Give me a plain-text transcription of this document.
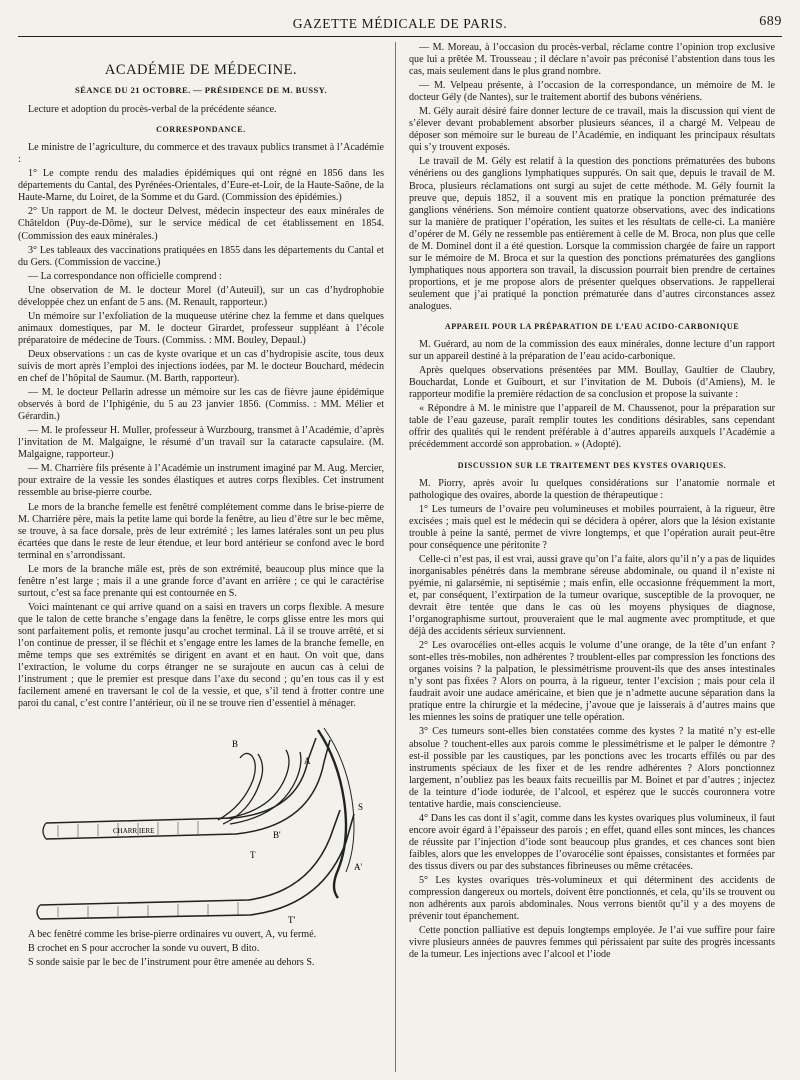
GAZETTE MÉDICALE DE PARIS.	689
ACADÉMIE DE MÉDECINE.
SÉANCE DU 21 OCTOBRE. — PRÉSIDENCE DE M. BUSSY.

Lecture et adoption du procès-verbal de la précédente séance.

CORRESPONDANCE.

Le ministre de l’agriculture, du commerce et des travaux publics transmet à l’Académie :

1° Le compte rendu des maladies épidémiques qui ont régné en 1856 dans les départements du Cantal, des Pyrénées-Orientales, d’Eure-et-Loir, de la Haute-Saône, de la Haute-Marne, du Loiret, de la Somme et du Gard. (Commission des épidémies.)

2° Un rapport de M. le docteur Delvest, médecin inspecteur des eaux minérales de Châteldon (Puy-de-Dôme), sur le service médical de cet établissement en 1854. (Commission des eaux minérales.)

3° Les tableaux des vaccinations pratiquées en 1855 dans les départements du Cantal et du Gers. (Commission de vaccine.)

— La correspondance non officielle comprend :

Une observation de M. le docteur Morel (d’Auteuil), sur un cas d’hydrophobie développée chez un enfant de 5 ans. (M. Renault, rapporteur.)

Un mémoire sur l’exfoliation de la muqueuse utérine chez la femme et dans quelques animaux domestiques, par M. le docteur Girardet, professeur suppléant à l’école préparatoire de médecine de Tours. (Commiss. : MM. Bouley, Depaul.)

Deux observations : un cas de kyste ovarique et un cas d’hydropisie ascite, tous deux suivis de mort après l’emploi des injections iodées, par M. le docteur Bouchard, médecin en chef de l’hôpital de Saumur. (M. Barth, rapporteur).

— M. le docteur Pellarin adresse un mémoire sur les cas de fièvre jaune épidémique observés à bord de l’Iphigénie, du 5 au 23 janvier 1856. (Commiss. : MM. Mélier et Gérardin.)

— M. le professeur H. Muller, professeur à Wurzbourg, transmet à l’Académie, d’après l’invitation de M. Malgaigne, le résumé d’un travail sur la cataracte capsulaire. (M. Malgaigne, rapporteur.)

— M. Charrière fils présente à l’Académie un instrument imaginé par M. Aug. Mercier, pour extraire de la vessie les sondes élastiques et autres corps flexibles. Cet instrument ressemble au brise-pierre courbe.

Le mors de la branche femelle est fenêtré complétement comme dans le brise-pierre de M. Charrière père, mais la petite lame qui borde la fenêtre, au lieu d’être sur le bec même, se trouve, à sa face dorsale, près de leur extrémité ; les lames latérales sont un peu plus écartées que dans le reste de leur étendue, et leur bord antérieur se confond avec le bord terminal en s’arrondissant.

Le mors de la branche mâle est, près de son extrémité, beaucoup plus mince que la fenêtre n’est large ; mais il a une grande force d’avant en arrière ; ce qui le caractérise surtout, c’est sa face prenante qui est contournée en S.

Voici maintenant ce qui arrive quand on a saisi en travers un corps flexible. A mesure que le talon de cette branche s’engage dans la fenêtre, le corps glisse entre les mors qui sont parfaitement polis, et remonte jusqu’au crochet terminal. Là il se trouve arrêté, et si l’on continue de presser, il se fléchit et s’engage entre les lames de la branche femelle, en même temps que ses extrémités se dirigent en avant et en haut. On voit que, dans l’extraction, le volume du corps étranger ne se surajoute en aucun cas à celui de l’instrument ; que le premier est presque dans l’axe du second ; qu’en tous cas il y est facilement amené en traversant le col de la vessie, et que, s’il tend à frotter contre une paroi du canal, c’est contre l’antérieur, où il ne se trouve rien d’essentiel à ménager.

CHARR IERE
B
A
B'
T
S
A'
T'

A bec fenêtré comme les brise-pierre ordinaires vu ouvert, A, vu fermé.

B crochet en S pour accrocher la sonde vu ouvert, B dito.

S sonde saisie par le bec de l’instrument pour être amenée au dehors S.

— M. Moreau, à l’occasion du procès-verbal, réclame contre l’opinion trop exclusive que lui a prêtée M. Trousseau ; il déclare n’avoir pas préconisé l’abstention dans tous les cas, mais seulement dans le plus grand nombre.

— M. Velpeau présente, à l’occasion de la correspondance, un mémoire de M. le docteur Gély (de Nantes), sur le traitement abortif des bubons vénériens.

M. Gély aurait désiré faire donner lecture de ce travail, mais la discussion qui vient de s’élever devant probablement absorber plusieurs séances, il a chargé M. Velpeau de déposer son mémoire sur le bureau de l’Académie, en indiquant les principaux résultats qui s’y trouvent exposés.

Le travail de M. Gély est relatif à la question des ponctions prématurées des bubons vénériens ou des ganglions lymphatiques suppurés. On sait que, depuis le travail de M. Broca, plusieurs réclamations ont surgi au sujet de cette méthode. M. Gély fournit la preuve que, depuis 1852, il a souvent mis en pratique la ponction prématurée des ganglions vénériens. Son mémoire contient quatorze observations, avec des indications sur la manière de pratiquer l’opération, les suites et les résultats de celle-ci. La manière d’opérer de M. Gély ne ressemble pas entièrement à celle de M. Broca, non plus que celle de M. Dominel dont il a été question. Lorsque la commission chargée de faire un rapport sur le mémoire de M. Broca et sur la question des ponctions prématurées des ganglions lymphatiques nous apportera son travail, la discussion pourrait bien prendre de certaines proportions, et je me propose alors de présenter quelques observations. Je rappellerai seulement que j’ai pratiqué la ponction prématurée dans d’autres circonstances assez analogues.

APPAREIL POUR LA PRÉPARATION DE L’EAU ACIDO-CARBONIQUE

M. Guérard, au nom de la commission des eaux minérales, donne lecture d’un rapport sur un appareil destiné à la préparation de l’eau acido-carbonique.

Après quelques observations présentées par MM. Boullay, Gaultier de Claubry, Bouchardat, Londe et Guibourt, et sur l’invitation de M. Dubois (d’Amiens), M. le rapporteur modifie la première rédaction de sa conclusion et propose la suivante :

« Répondre à M. le ministre que l’appareil de M. Chaussenot, pour la préparation sur table de l’eau gazeuse, paraît remplir toutes les conditions désirables, sans cependant offrir des qualités qui le rendent préférable à d’autres appareils auxquels l’Académie a précédemment accordé son approbation. » (Adopté).

DISCUSSION SUR LE TRAITEMENT DES KYSTES OVARIQUES.

M. Piorry, après avoir lu quelques considérations sur l’anatomie normale et pathologique des ovaires, aborde la question de thérapeutique :

1° Les tumeurs de l’ovaire peu volumineuses et mobiles pourraient, à la rigueur, être excisées ; mais quel est le médecin qui se décidera à opérer, alors que la lésion existante trouble à peine la santé, permet de vivre longtemps, et que l’opération aurait peut-être pour conséquence une péritonite ?

Celle-ci n’est pas, il est vrai, aussi grave qu’on l’a faite, alors qu’il n’y a pas de liquides inorganisables pénétrés dans la membrane séreuse abdominale, ou quand il n’existe ni pyémie, ni galarsémie, ni septisémie ; mais enfin, elle occasionne fréquemment la mort, et, par conséquent, l’extirpation de la tumeur ovarique, susceptible de la provoquer, ne devrait être tentée que dans le cas où les moyens physiques de diagnose, l’organographisme surtout, prouveraient que le mal augmente avec promptitude, et que déjà des accidents sérieux surviennent.

2° Les ovarocélies ont-elles acquis le volume d’une orange, de la tête d’un enfant ? sont-elles très-mobiles, non adhérentes ? troublent-elles par compression les fonctions des organes voisins ? la palpation, le plessimétrisme prouvent-ils que des anses intestinales n’y sont pas fixées ? Alors on pourra, à la rigueur, tenter l’excision ; mais pour cela il faudrait avoir une audace américaine, et bien que je n’admette aucune séparation dans la pratique entre la chirurgie et la médecine, j’avoue que je laisserais à d’autres mains que les miennes les soins de pratiquer une telle opération.

3° Ces tumeurs sont-elles bien constatées comme des kystes ? la matité n’y est-elle absolue ? touchent-elles aux parois comme le plessimétrisme et le palper le démontre ? est-il possible par les caustiques, par les ponctions avec les trocarts effilés ou par des instruments spéciaux de les fixer et de les rendre adhérentes ? Alors ponctionnez largement, n’oubliez pas les beaux faits recueillis par M. Boinet et par d’autres ; injectez de la teinture d’iode iodurée, de l’alcool, et espérez que le succès couronnera votre tentative hardie, mais consciencieuse.

4° Dans les cas dont il s’agit, comme dans les kystes ovariques plus volumineux, il faut encore avoir égard à l’épaisseur des parois ; en effet, quand elles sont minces, les chances de réussite par l’injection d’iode sont beaucoup plus grandes, et ces chances sont bien faibles, alors que les enveloppes de l’ovarocélie sont épaisses, consistantes et formées par des tissus divers ou par des substances fibrineuses ou même crétacées.

5° Les kystes ovariques très-volumineux et qui déterminent des accidents de compression dangereux ou mortels, doivent être ponctionnés, et cela, qu’ils se trouvent ou non adhérents aux parois abdominales. Nous verrons bientôt qu’il y a des moyens de prévenir tout épanchement.

Cette ponction palliative est depuis longtemps employée. Je l’ai vue suffire pour faire vivre plusieurs années de pauvres femmes qui périssaient par suite des progrès incessants de la tumeur. Les injections avec l’alcool et l’iode
